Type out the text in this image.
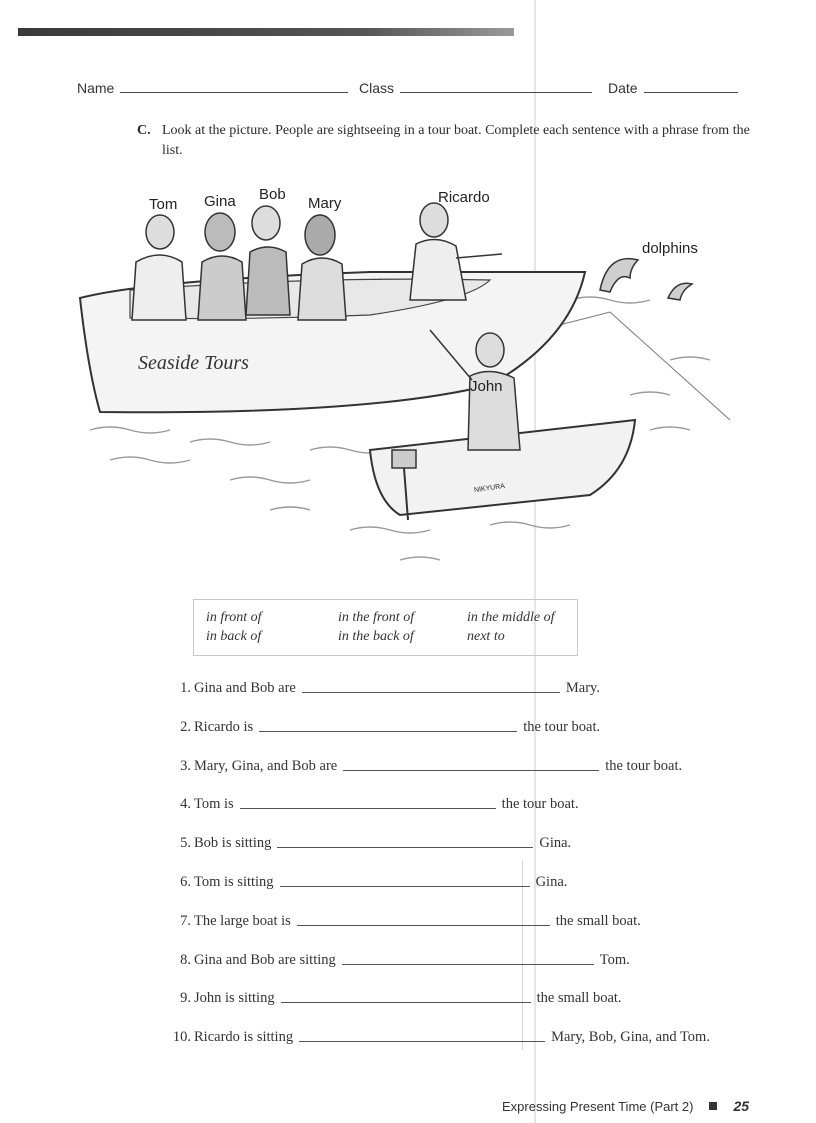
Name	Class	Date
C. Look at the picture. People are sightseeing in a tour boat. Complete each sentence with a phrase from the list.
Tom Gina Bob
Mary	Ricardo
John
dolphins
Seaside Tours
NIKYURA
in front of	in the front of	in the middle of
in back of	in the back of	next to
1. Gina and Bob are	Mary.
2. Ricardo is	the tour boat.
3. Mary, Gina, and Bob are	the tour boat.
4. Tom is	the tour boat.
5. Bob is sitting	Gina.
6. Tom is sitting	Gina.
7. The large boat is	the small boat.
8. Gina and Bob are sitting	Tom.
9. John is sitting	the small boat.
10. Ricardo is sitting	Mary, Bob, Gina, and Tom.
Expressing Present Time (Part 2)	25
